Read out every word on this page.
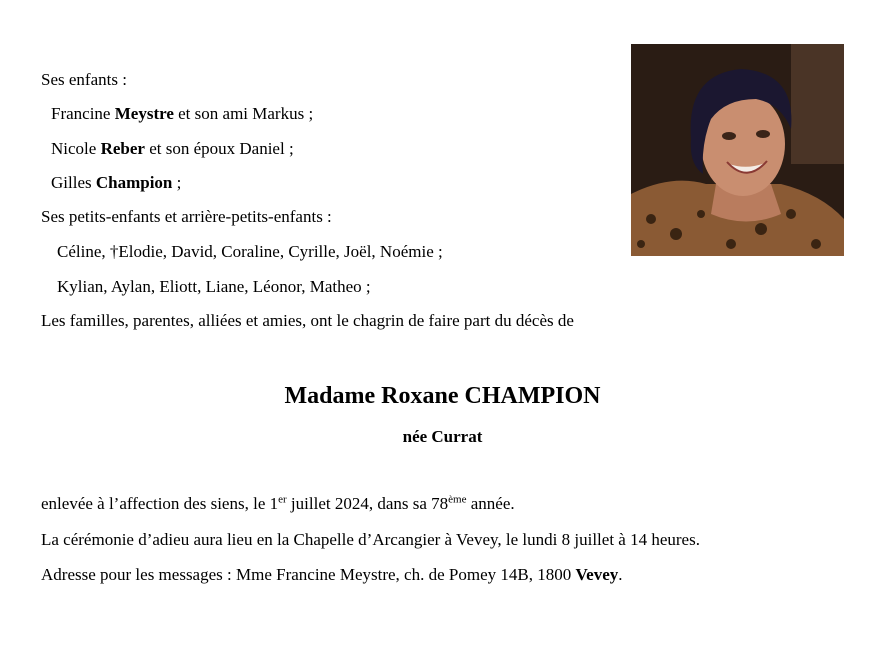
Ses enfants :
Francine Meystre et son ami Markus ;
Nicole Reber et son époux Daniel ;
Gilles Champion ;
Ses petits-enfants et arrière-petits-enfants :
Céline, †Elodie, David, Coraline, Cyrille, Joël, Noémie ;
Kylian, Aylan, Eliott, Liane, Léonor, Matheo ;
Les familles, parentes, alliées et amies, ont le chagrin de faire part du décès de
Madame Roxane CHAMPION
née Currat
enlevée à l’affection des siens, le 1er juillet 2024, dans sa 78ème année.
La cérémonie d’adieu aura lieu en la Chapelle d’Arcangier à Vevey, le lundi 8 juillet à 14 heures.
Adresse pour les messages : Mme Francine Meystre, ch. de Pomey 14B, 1800 Vevey.
